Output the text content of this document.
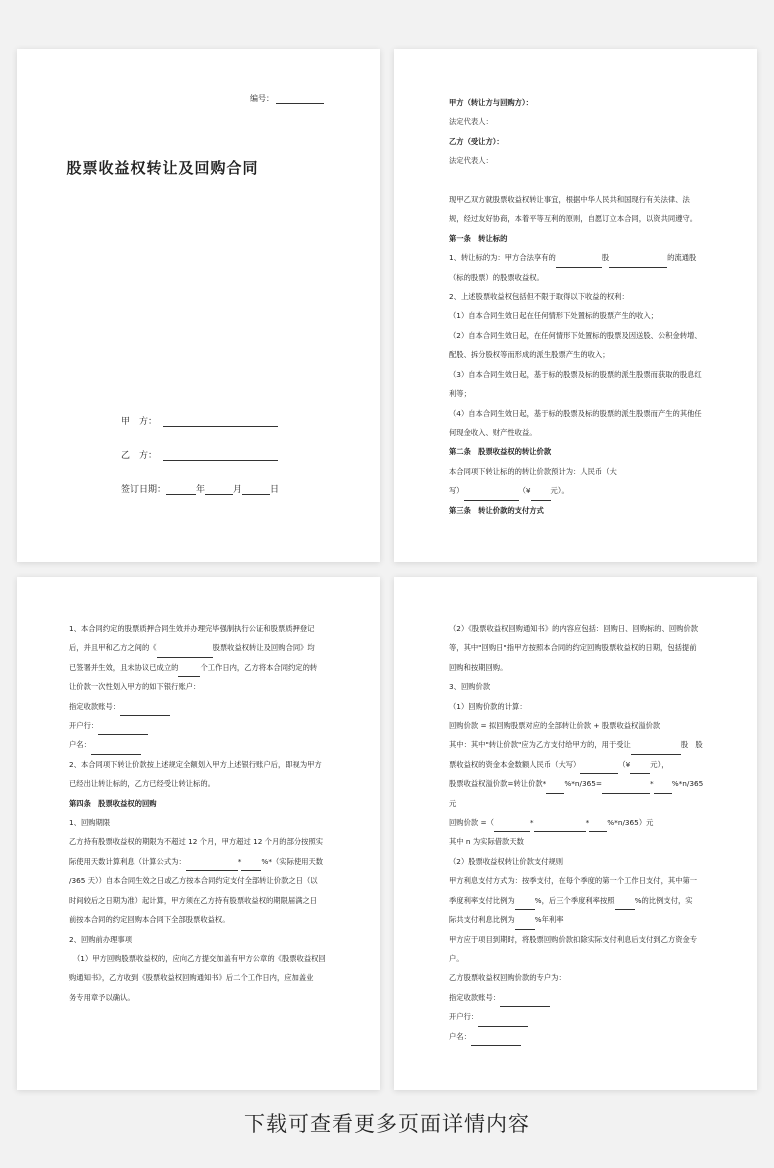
编号：
股票收益权转让及回购合同
甲　方：
乙　方：
签订日期：	年	月	日

甲方（转让方与回购方）：

法定代表人：

乙方（受让方）：

法定代表人：

现甲乙双方就股票收益权转让事宜，根据中华人民共和国现行有关法律、法

规，经过友好协商，本着平等互利的原则，自愿订立本合同，以资共同遵守。

第一条　转让标的

1、转让标的为：甲方合法享有的	股	的流通股

（标的股票）的股票收益权。

2、上述股票收益权包括但不限于取得以下收益的权利：

（1）自本合同生效日起在任何情形下处置标的股票产生的收入；

（2）自本合同生效日起，在任何情形下处置标的股票及因送股、公积金转增、

配股、拆分股权等而形成的派生股票产生的收入；

（3）自本合同生效日起，基于标的股票及标的股票的派生股票而获取的股息红

利等；

（4）自本合同生效日起，基于标的股票及标的股票的派生股票而产生的其他任

何现金收入、财产性收益。

第二条　股票收益权的转让价款

本合同项下转让标的的转让价款预计为：人民币（大

写）	（¥	元）。

第三条　转让价款的支付方式

1、本合同约定的股票质押合同生效并办理完毕强制执行公证和股票质押登记

后，并且甲和乙方之间的《	股票收益权转让及回购合同》均

已签署并生效，且未协议已成立的	个工作日内，乙方将本合同约定的转

让价款一次性划入甲方的如下银行账户：

指定收款账号：

开户行：

户名：

2、本合同项下转让价款按上述规定全额划入甲方上述银行账户后，即视为甲方

已经出让转让标的，乙方已经受让转让标的。

第四条　股票收益权的回购

1、回购期限

乙方持有股票收益权的期限为不超过 12 个月，甲方超过 12 个月的部分按照实

际使用天数计算利息（计算公式为：	*	%*（实际使用天数

/365 天））自本合同生效之日或乙方按本合同约定支付全部转让价款之日（以

时间较后之日期为准）起计算，甲方须在乙方持有股票收益权的期限届满之日

前按本合同的约定回购本合同下全部股票收益权。

2、回购前办理事项

（1）甲方回购股票收益权的，应向乙方提交加盖有甲方公章的《股票收益权回

购通知书》，乙方收到《股票收益权回购通知书》后二个工作日内，应加盖业

务专用章予以确认。

（2）《股票收益权回购通知书》的内容应包括：回购日、回购标的、回购价款

等，其中"回购日"指甲方按照本合同的约定回购股票收益权的日期，包括提前

回购和按期回购。

3、回购价款

（1）回购价款的计算：

回购价款 = 拟回购股票对应的全部转让价款 + 股票收益权溢价款

其中：其中"转让价款"应为乙方支付给甲方的，用于受让	股　股

票收益权的资金本金数额人民币（大写）	（¥	元），

股票收益权溢价款=转让价款* %*n/365=	* %*n/365

元

回购价款 =（	*	* %*n/365）元

其中 n 为实际借款天数

（2）股票收益权转让价款支付规则

甲方利息支付方式为：按季支付，在每个季度的第一个工作日支付，其中第一

季度利率支付比例为	%，后三个季度利率按照	%的比例支付，实

际共支付利息比例为	%年利率

甲方应于项目到期时，将股票回购价款扣除实际支付利息后支付到乙方资金专

户。

乙方股票收益权回购价款的专户为：

指定收款账号：

开户行：

户名：

下载可查看更多页面详情内容
